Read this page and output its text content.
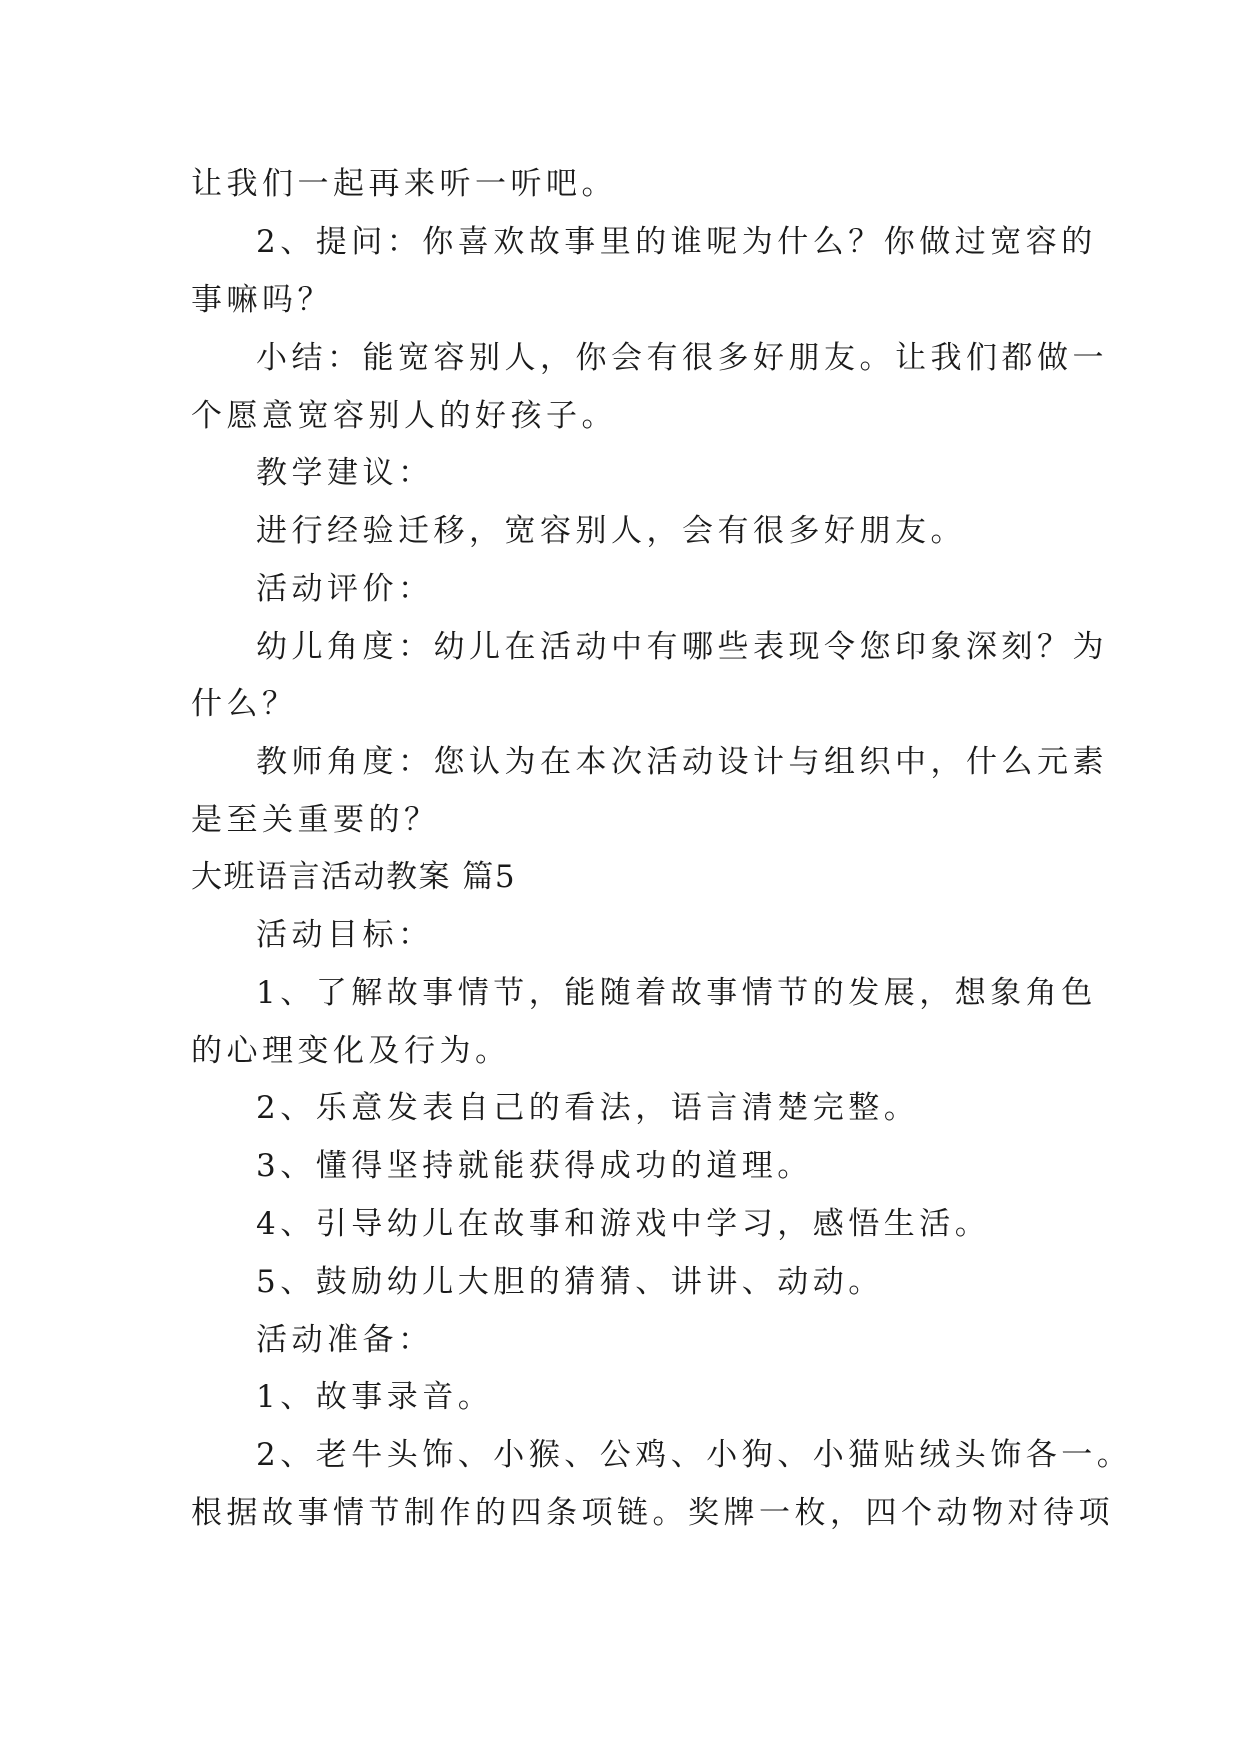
让我们一起再来听一听吧。
2、提问：你喜欢故事里的谁呢为什么？你做过宽容的
事嘛吗？
小结：能宽容别人，你会有很多好朋友。让我们都做一
个愿意宽容别人的好孩子。
教学建议：
进行经验迁移，宽容别人，会有很多好朋友。
活动评价：
幼儿角度：幼儿在活动中有哪些表现令您印象深刻？为
什么？
教师角度：您认为在本次活动设计与组织中，什么元素
是至关重要的？
大班语言活动教案 篇5
活动目标：
1、了解故事情节，能随着故事情节的发展，想象角色
的心理变化及行为。
2、乐意发表自己的看法，语言清楚完整。
3、懂得坚持就能获得成功的道理。
4、引导幼儿在故事和游戏中学习，感悟生活。
5、鼓励幼儿大胆的猜猜、讲讲、动动。
活动准备：
1、故事录音。
2、老牛头饰、小猴、公鸡、小狗、小猫贴绒头饰各一。
根据故事情节制作的四条项链。奖牌一枚，四个动物对待项
